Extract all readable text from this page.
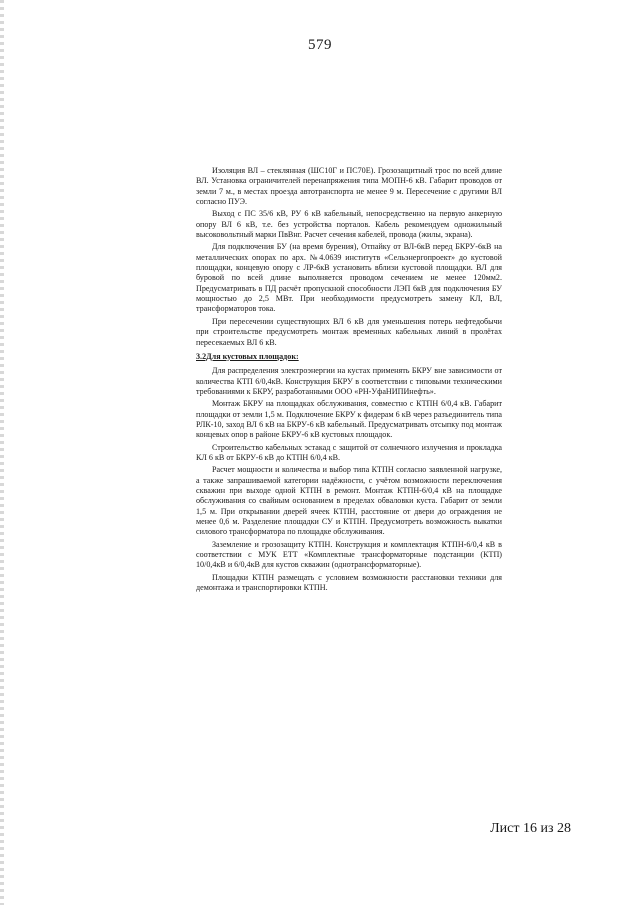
579

Изоляция ВЛ – стеклянная (ШС10Г и ПС70Е). Грозозащитный трос по всей длине ВЛ. Установка ограничителей перенапряжения типа МОПН-6 кВ. Габарит проводов от земли 7 м., в местах проезда автотранспорта не менее 9 м. Пересечение с другими ВЛ согласно ПУЭ.

Выход с ПС 35/6 кВ, РУ 6 кВ кабельный, непосредственно на первую анкерную опору ВЛ 6 кВ, т.е. без устройства порталов. Кабель рекомендуем одножильный высоковольтный марки ПвВнг. Расчет сечения кабелей, провода (жилы, экрана).

Для подключения БУ (на время бурения), Отпайку от ВЛ-6кВ перед БКРУ-6кВ на металлических опорах по арх. №4.0639 институтв «Сельэнергопроект» до кустовой площадки, концевую опору с ЛР-6кВ установить вблизи кустовой площадки. ВЛ для буровой по всей длине выполняется проводом сечением не менее 120мм2. Предусматривать в ПД расчёт пропускной способности ЛЭП 6кВ для подключения БУ мощностью до 2,5 МВт. При необходимости предусмотреть замену КЛ, ВЛ, трансформаторов тока.

При пересечении существующих ВЛ 6 кВ для уменьшения потерь нефтедобычи при строительстве предусмотреть монтаж временных кабельных линий в пролётах пересекаемых ВЛ 6 кВ.

3.2Для кустовых площадок:

Для распределения электроэнергии на кустах применять БКРУ вне зависимости от количества КТП 6/0,4кВ. Конструкция БКРУ в соответствии с типовыми техническими требованиями к БКРУ, разработанными ООО «РН-УфаНИПИнефть».

Монтаж БКРУ на площадках обслуживания, совместно с КТПН 6/0,4 кВ. Габарит площадки от земли 1,5 м. Подключение БКРУ к фидерам 6 кВ через разъединитель типа РЛК-10, заход ВЛ 6 кВ на БКРУ-6 кВ кабельный. Предусматривать отсыпку под монтаж концевых опор в районе БКРУ-6 кВ кустовых площадок.

Строительство кабельных эстакад с защитой от солнечного излучения и прокладка КЛ 6 кВ от БКРУ-6 кВ до КТПН 6/0,4 кВ.

Расчет мощности и количества и выбор типа КТПН согласно заявленной нагрузке, а также запрашиваемой категории надёжности, с учётом возможности переключения скважин при выходе одной КТПН в ремонт. Монтаж КТПН-6/0,4 кВ на площадке обслуживания со свайным основанием в пределах обваловки куста. Габарит от земли 1,5 м. При открывании дверей ячеек КТПН, расстояние от двери до ограждения не менее 0,6 м. Разделение площадки СУ и КТПН. Предусмотреть возможность выкатки силового трансформатора по площадке обслуживания.

Заземление и грозозащиту КТПН. Конструкция и комплектация КТПН-6/0,4 кВ в соответствии с МУК ЕТТ «Комплектные трансформаторные подстанции (КТП) 10/0,4кВ и 6/0,4кВ для кустов скважин (однотрансформаторные).

Площадки КТПН размещать с условием возможности расстановки техники для демонтажа и транспортировки КТПН.

Лист 16 из 28
